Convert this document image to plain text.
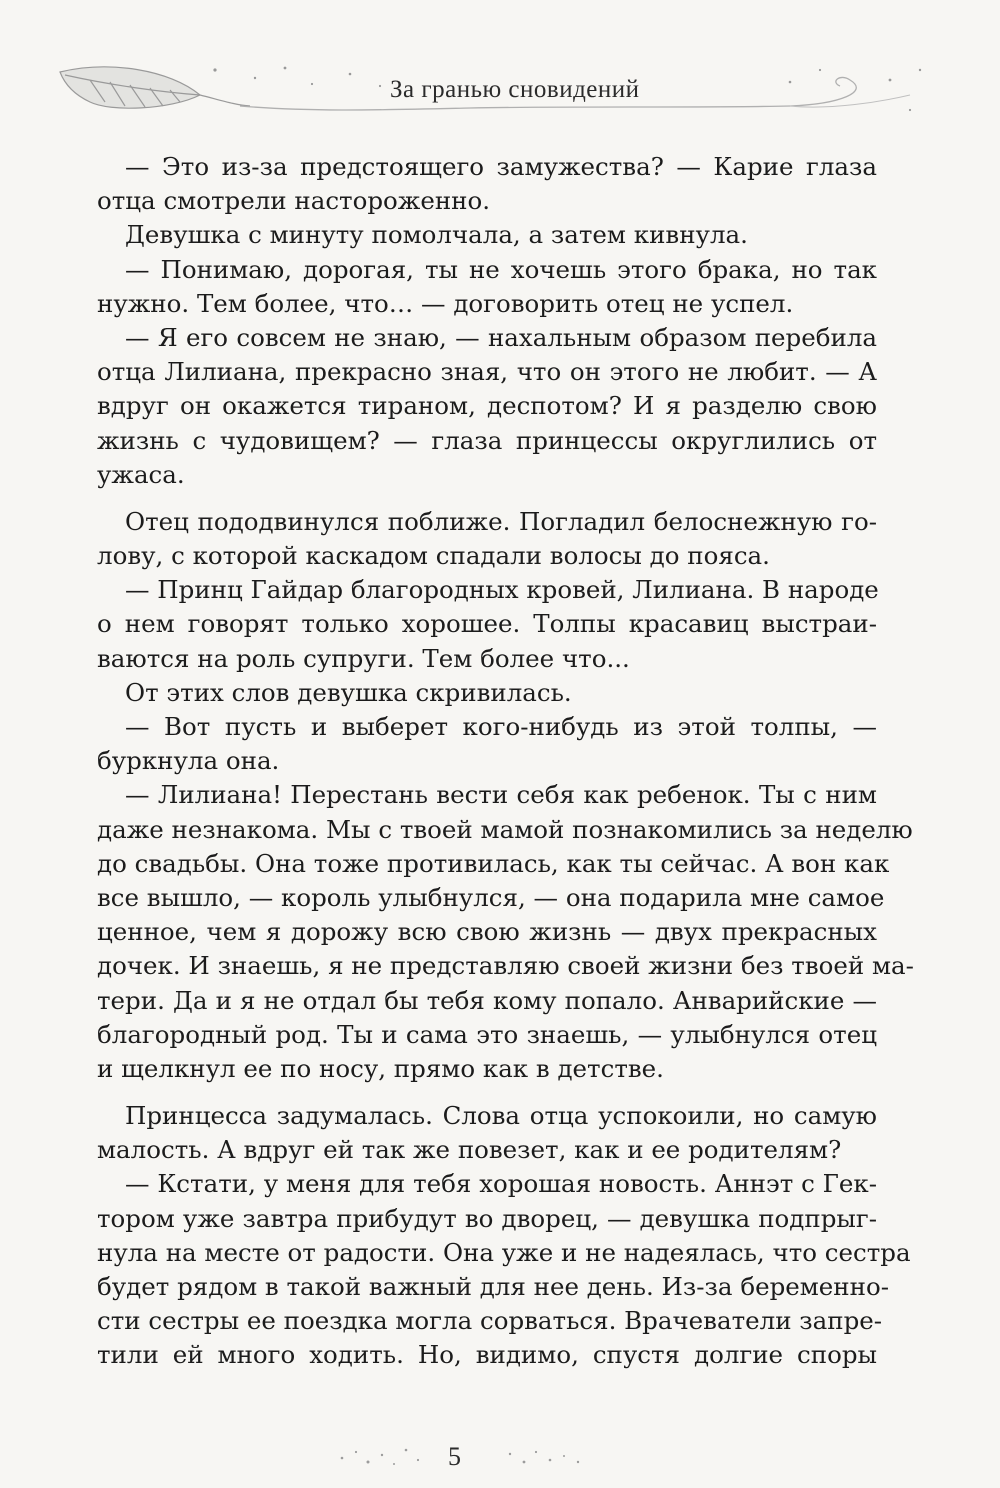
За гранью сновидений
— Это из-за предстоящего замужества? — Карие глаза
отца смотрели настороженно.
Девушка с минуту помолчала, а затем кивнула.
— Понимаю, дорогая, ты не хочешь этого брака, но так
нужно. Тем более, что… — договорить отец не успел.
— Я его совсем не знаю, — нахальным образом перебила
отца Лилиана, прекрасно зная, что он этого не любит. — А
вдруг он окажется тираном, деспотом? И я разделю свою
жизнь с чудовищем? — глаза принцессы округлились от
ужаса.
Отец пододвинулся поближе. Погладил белоснежную го-
лову, с которой каскадом спадали волосы до пояса.
— Принц Гайдар благородных кровей, Лилиана. В народе
о нем говорят только хорошее. Толпы красавиц выстраи-
ваются на роль супруги. Тем более что...
От этих слов девушка скривилась.
— Вот пусть и выберет кого-нибудь из этой толпы, —
буркнула она.
— Лилиана! Перестань вести себя как ребенок. Ты с ним
даже незнакома. Мы с твоей мамой познакомились за неделю
до свадьбы. Она тоже противилась, как ты сейчас. А вон как
все вышло, — король улыбнулся, — она подарила мне самое
ценное, чем я дорожу всю свою жизнь — двух прекрасных
дочек. И знаешь, я не представляю своей жизни без твоей ма-
тери. Да и я не отдал бы тебя кому попало. Анварийские —
благородный род. Ты и сама это знаешь, — улыбнулся отец
и щелкнул ее по носу, прямо как в детстве.
Принцесса задумалась. Слова отца успокоили, но самую
малость. А вдруг ей так же повезет, как и ее родителям?
— Кстати, у меня для тебя хорошая новость. Аннэт с Гек-
тором уже завтра прибудут во дворец, — девушка подпрыг-
нула на месте от радости. Она уже и не надеялась, что сестра
будет рядом в такой важный для нее день. Из-за беременно-
сти сестры ее поездка могла сорваться. Врачеватели запре-
тили ей много ходить. Но, видимо, спустя долгие споры
5
